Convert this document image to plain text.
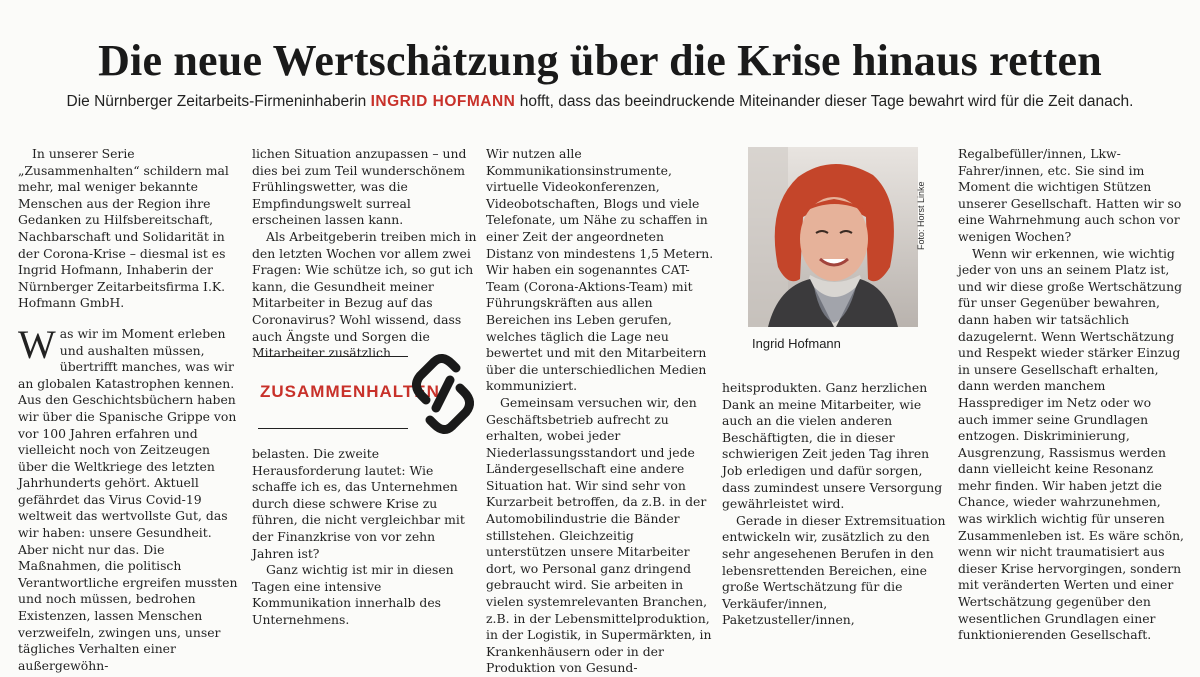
Die neue Wertschätzung über die Krise hinaus retten
Die Nürnberger Zeitarbeits-Firmeninhaberin INGRID HOFMANN hofft, dass das beeindruckende Miteinander dieser Tage bewahrt wird für die Zeit danach.

In unserer Serie „Zusammenhalten“ schildern mal mehr, mal weniger bekannte Menschen aus der Region ihre Gedanken zu Hilfsbereitschaft, Nachbarschaft und Solidarität in der Corona-Krise – diesmal ist es Ingrid Hofmann, Inhaberin der Nürnberger Zeitarbeitsfirma I.K. Hofmann GmbH.

Was wir im Moment erleben und aushalten müssen, übertrifft manches, was wir an globalen Katastrophen kennen. Aus den Geschichtsbüchern haben wir über die Spanische Grippe von vor 100 Jahren erfahren und vielleicht noch von Zeitzeugen über die Weltkriege des letzten Jahrhunderts gehört. Aktuell gefährdet das Virus Covid-19 weltweit das wertvollste Gut, das wir haben: unsere Gesundheit. Aber nicht nur das. Die Maßnahmen, die politisch Verantwortliche ergreifen mussten und noch müssen, bedrohen Existenzen, lassen Menschen verzweifeln, zwingen uns, unser tägliches Verhalten einer außergewöhn-

lichen Situation anzupassen – und dies bei zum Teil wunderschönem Frühlingswetter, was die Empfindungswelt surreal erscheinen lassen kann.

Als Arbeitgeberin treiben mich in den letzten Wochen vor allem zwei Fragen: Wie schütze ich, so gut ich kann, die Gesundheit meiner Mitarbeiter in Bezug auf das Coronavirus? Wohl wissend, dass auch Ängste und Sorgen die Mitarbeiter zusätzlich

ZUSAMMENHALTEN

belasten. Die zweite Herausforderung lautet: Wie schaffe ich es, das Unternehmen durch diese schwere Krise zu führen, die nicht vergleichbar mit der Finanzkrise von vor zehn Jahren ist?

Ganz wichtig ist mir in diesen Tagen eine intensive Kommunikation innerhalb des Unternehmens.

Wir nutzen alle Kommunikationsinstrumente, virtuelle Videokonferenzen, Videobotschaften, Blogs und viele Telefonate, um Nähe zu schaffen in einer Zeit der angeordneten Distanz von mindestens 1,5 Metern. Wir haben ein sogenanntes CAT-Team (Corona-Aktions-Team) mit Führungskräften aus allen Bereichen ins Leben gerufen, welches täglich die Lage neu bewertet und mit den Mitarbeitern über die unterschiedlichen Medien kommuniziert.

Gemeinsam versuchen wir, den Geschäftsbetrieb aufrecht zu erhalten, wobei jeder Niederlassungsstandort und jede Ländergesellschaft eine andere Situation hat. Wir sind sehr von Kurzarbeit betroffen, da z.B. in der Automobilindustrie die Bänder stillstehen. Gleichzeitig unterstützen unsere Mitarbeiter dort, wo Personal ganz dringend gebraucht wird. Sie arbeiten in vielen systemrelevanten Branchen, z.B. in der Lebensmittelproduktion, in der Logistik, in Supermärkten, in Krankenhäusern oder in der Produktion von Gesund-

Foto: Horst Linke
Ingrid Hofmann

heitsprodukten. Ganz herzlichen Dank an meine Mitarbeiter, wie auch an die vielen anderen Beschäftigten, die in dieser schwierigen Zeit jeden Tag ihren Job erledigen und dafür sorgen, dass zumindest unsere Versorgung gewährleistet wird.

Gerade in dieser Extremsituation entwickeln wir, zusätzlich zu den sehr angesehenen Berufen in den lebensrettenden Bereichen, eine große Wertschätzung für die Verkäufer/innen, Paketzusteller/innen,

Regalbefüller/innen, Lkw-Fahrer/innen, etc. Sie sind im Moment die wichtigen Stützen unserer Gesellschaft. Hatten wir so eine Wahrnehmung auch schon vor wenigen Wochen?

Wenn wir erkennen, wie wichtig jeder von uns an seinem Platz ist, und wir diese große Wertschätzung für unser Gegenüber bewahren, dann haben wir tatsächlich dazugelernt. Wenn Wertschätzung und Respekt wieder stärker Einzug in unsere Gesellschaft erhalten, dann werden manchem Hassprediger im Netz oder wo auch immer seine Grundlagen entzogen. Diskriminierung, Ausgrenzung, Rassismus werden dann vielleicht keine Resonanz mehr finden. Wir haben jetzt die Chance, wieder wahrzunehmen, was wirklich wichtig für unseren Zusammenleben ist. Es wäre schön, wenn wir nicht traumatisiert aus dieser Krise hervorgingen, sondern mit veränderten Werten und einer Wertschätzung gegenüber den wesentlichen Grundlagen einer funktionierenden Gesellschaft.
